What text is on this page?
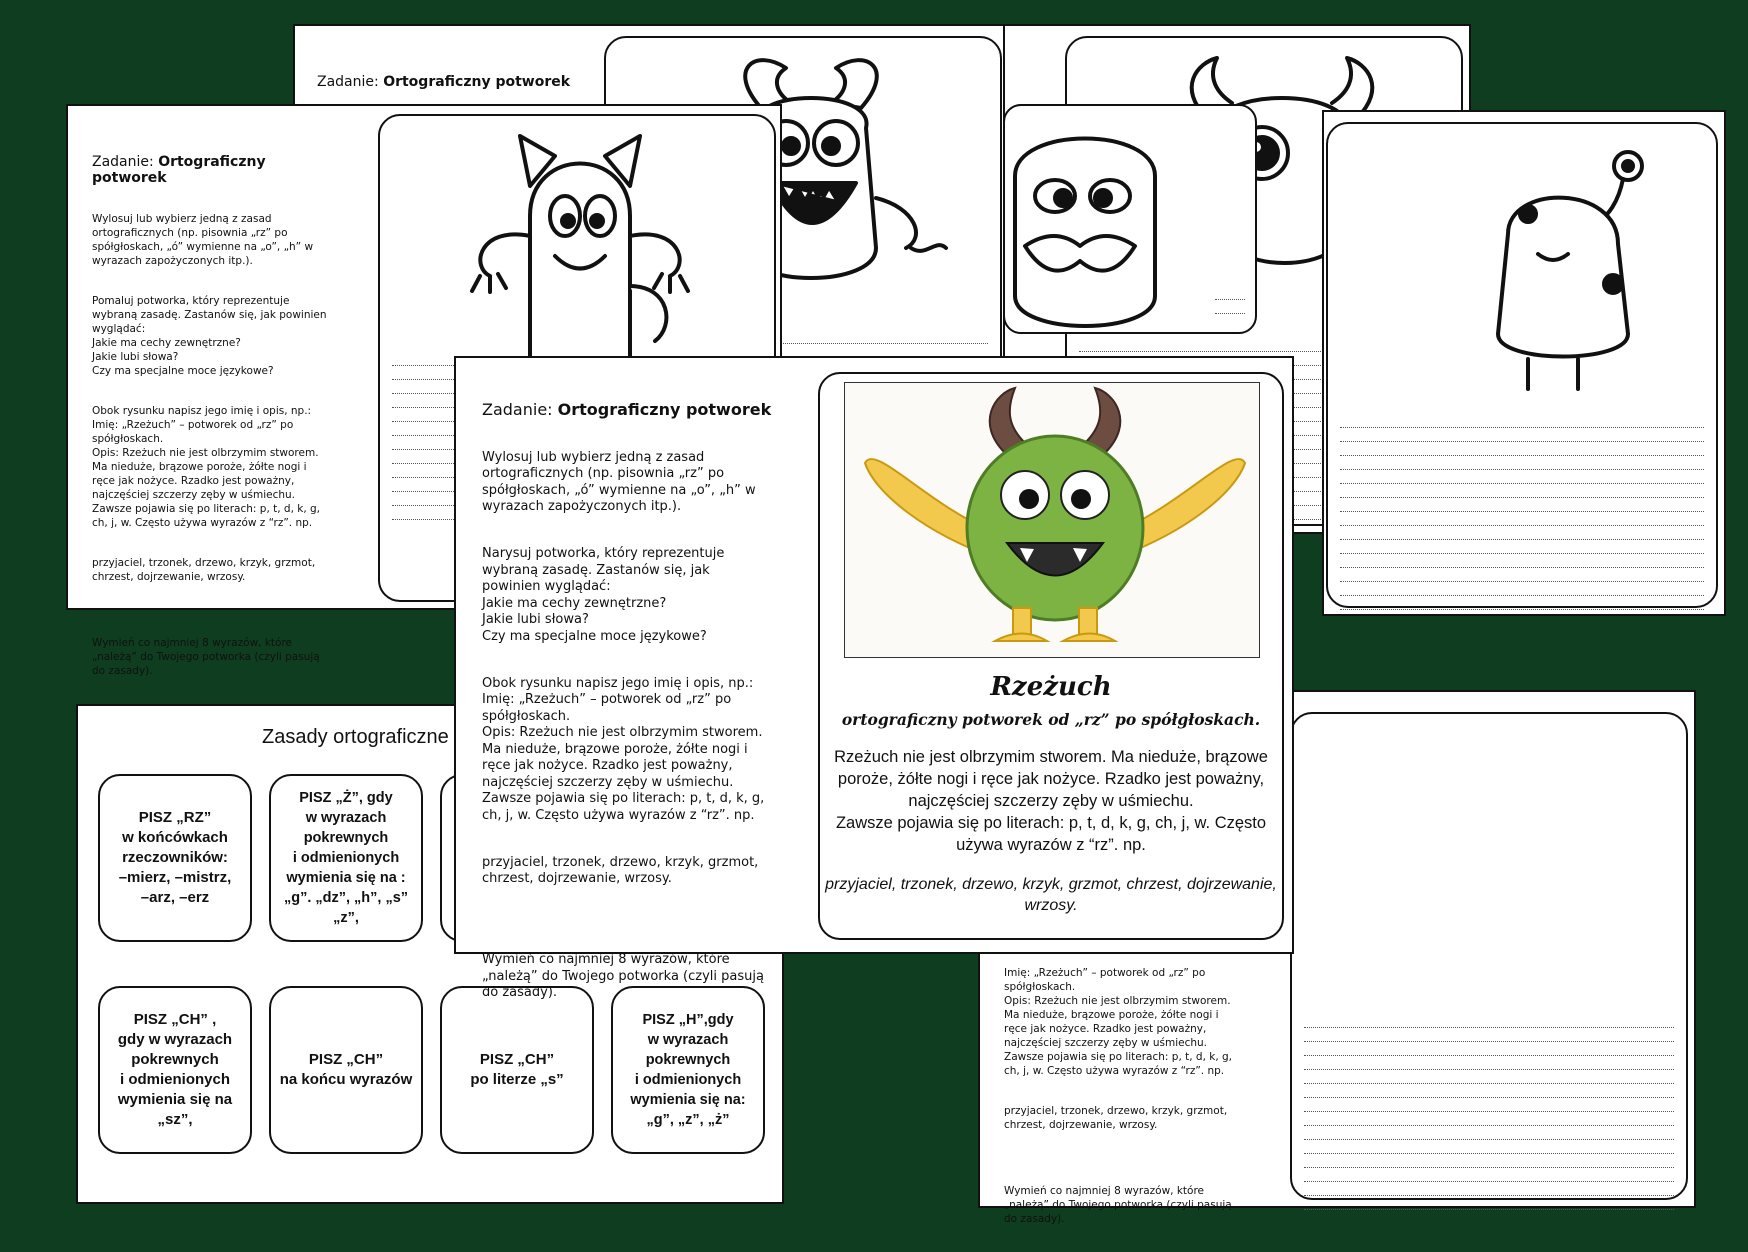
Zadanie: Ortograficzny potworek

Zadanie: Ortograficzny potworek

Wylosuj lub wybierz jedną z zasad ortograficznych (np. pisownia „rz” po spółgłoskach, „ó” wymienne na „o”, „h” w wyrazach zapożyczonych itp.).

Pomaluj potworka, który reprezentuje wybraną zasadę. Zastanów się, jak powinien wyglądać:
Jakie ma cechy zewnętrzne?
Jakie lubi słowa?
Czy ma specjalne moce językowe?

Obok rysunku napisz jego imię i opis, np.:
Imię: „Rzeżuch” – potworek od „rz” po spółgłoskach.
Opis: Rzeżuch nie jest olbrzymim stworem. Ma nieduże, brązowe poroże, żółte nogi i ręce jak nożyce. Rzadko jest poważny, najczęściej szczerzy zęby w uśmiechu.
Zawsze pojawia się po literach: p, t, d, k, g, ch, j, w. Często używa wyrazów z “rz”. np.

przyjaciel, trzonek, drzewo, krzyk, grzmot, chrzest, dojrzewanie, wrzosy.

Wymień co najmniej 8 wyrazów, które „należą” do Twojego potworka (czyli pasują do zasady).

Zasady ortograficzne
PISZ „RZ”
w końcówkach
rzeczowników:
–mierz, –mistrz,
–arz, –erz
PISZ „Ż”, gdy
w wyrazach
pokrewnych
i odmienionych
wymienia się na :
„g”. „dz”, „h”, „s”
„z”,
PISZ „CH” ,
gdy w wyrazach
pokrewnych
i odmienionych
wymienia się na
„sz”,
PISZ „CH”
na końcu wyrazów
PISZ „CH”
po literze „s”
PISZ „H”,gdy
w wyrazach
pokrewnych
i odmienionych
wymienia się na:
„g”, „z”, „ż”

Imię: „Rzeżuch” – potworek od „rz” po spółgłoskach.
Opis: Rzeżuch nie jest olbrzymim stworem. Ma nieduże, brązowe poroże, żółte nogi i ręce jak nożyce. Rzadko jest poważny, najczęściej szczerzy zęby w uśmiechu.
Zawsze pojawia się po literach: p, t, d, k, g, ch, j, w. Często używa wyrazów z “rz”. np.

przyjaciel, trzonek, drzewo, krzyk, grzmot, chrzest, dojrzewanie, wrzosy.

Wymień co najmniej 8 wyrazów, które „należą” do Twojego potworka (czyli pasują do zasady).

Zadanie: Ortograficzny potworek

Wylosuj lub wybierz jedną z zasad ortograficznych (np. pisownia „rz” po spółgłoskach, „ó” wymienne na „o”, „h” w wyrazach zapożyczonych itp.).

Narysuj potworka, który reprezentuje wybraną zasadę. Zastanów się, jak powinien wyglądać:
Jakie ma cechy zewnętrzne?
Jakie lubi słowa?
Czy ma specjalne moce językowe?

Obok rysunku napisz jego imię i opis, np.:
Imię: „Rzeżuch” – potworek od „rz” po spółgłoskach.
Opis: Rzeżuch nie jest olbrzymim stworem. Ma nieduże, brązowe poroże, żółte nogi i ręce jak nożyce. Rzadko jest poważny, najczęściej szczerzy zęby w uśmiechu.
Zawsze pojawia się po literach: p, t, d, k, g, ch, j, w. Często używa wyrazów z “rz”. np.

przyjaciel, trzonek, drzewo, krzyk, grzmot, chrzest, dojrzewanie, wrzosy.

Wymień co najmniej 8 wyrazów, które „należą” do Twojego potworka (czyli pasują do zasady).

Rzeżuch
ortograficzny potworek od „rz” po spółgłoskach.
Rzeżuch nie jest olbrzymim stworem. Ma nieduże, brązowe poroże, żółte nogi i ręce jak nożyce. Rzadko jest poważny, najczęściej szczerzy zęby w uśmiechu.
Zawsze pojawia się po literach: p, t, d, k, g, ch, j, w. Często używa wyrazów z “rz”. np.
przyjaciel, trzonek, drzewo, krzyk, grzmot, chrzest, dojrzewanie, wrzosy.
